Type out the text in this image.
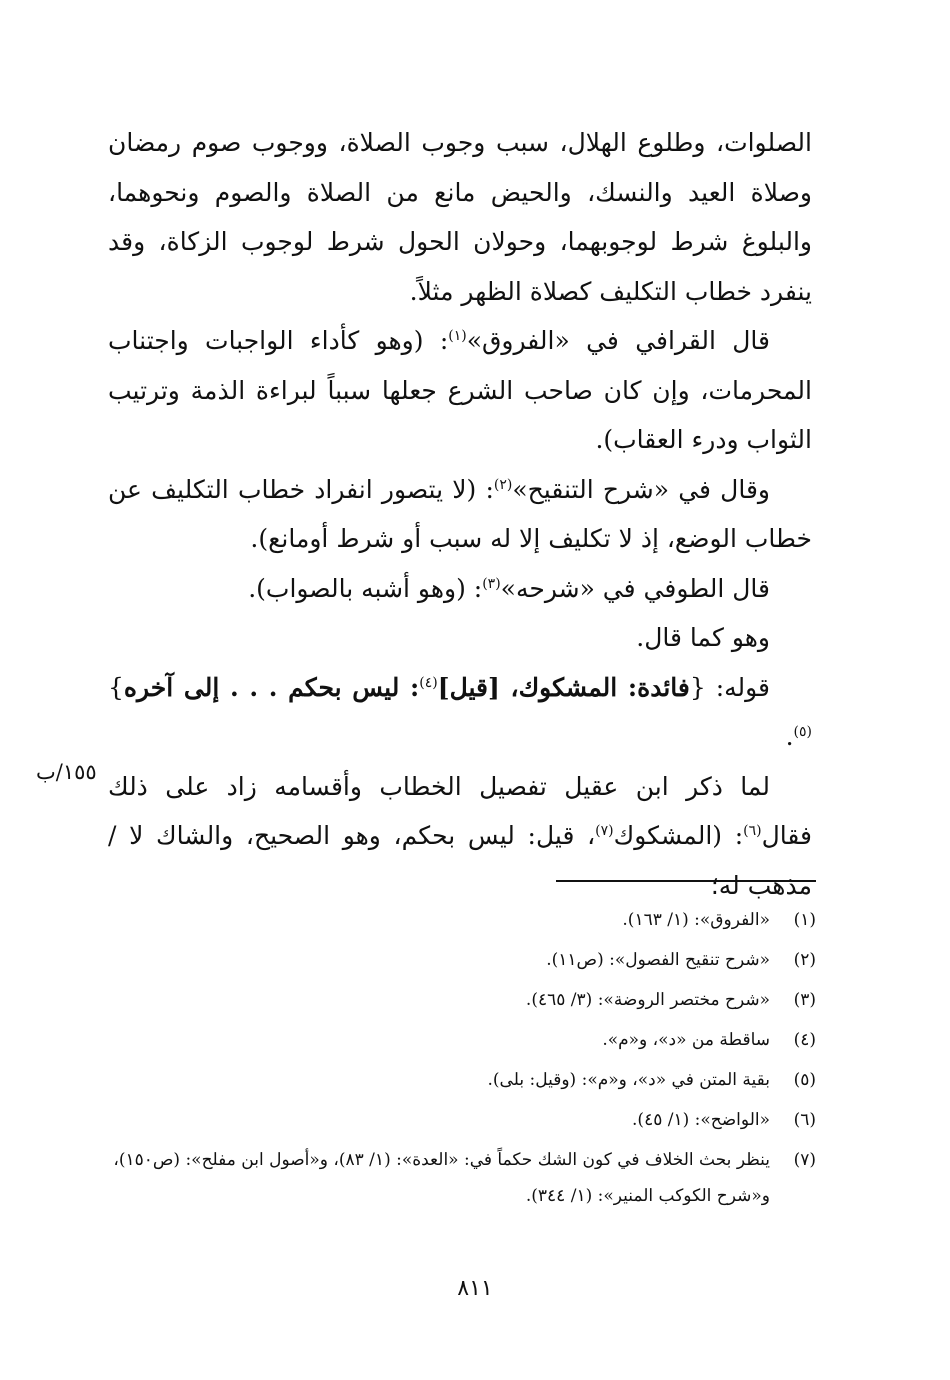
الصلوات، وطلوع الهلال، سبب وجوب الصلاة، ووجوب صوم رمضان وصلاة العيد والنسك، والحيض مانع من الصلاة والصوم ونحوهما، والبلوغ شرط لوجوبهما، وحولان الحول شرط لوجوب الزكاة، وقد ينفرد خطاب التكليف كصلاة الظهر مثلاً.

قال القرافي في «الفروق»$^{(١)}$: (وهو كأداء الواجبات واجتناب المحرمات، وإن كان صاحب الشرع جعلها سبباً لبراءة الذمة وترتيب الثواب ودرء العقاب).

وقال في «شرح التنقيح»$^{(٢)}$: (لا يتصور انفراد خطاب التكليف عن خطاب الوضع، إذ لا تكليف إلا له سبب أو شرط أومانع).

قال الطوفي في «شرحه»$^{(٣)}$: (وهو أشبه بالصواب).

وهو كما قال.

قوله: {فائدة: المشكوك، [قيل]$^{(٤)}$: ليس بحكم . . . إلى آخره}$^{(٥)}$.

لما ذكر ابن عقيل تفصيل الخطاب وأقسامه زاد على ذلك فقال$^{(٦)}$: (المشكوك$^{(٧)}$، قيل: ليس بحكم، وهو الصحيح، والشاك لا / مذهب له؛

١٥٥/ب
(١)
«الفروق»: (١/ ١٦٣).
(٢)
«شرح تنقيح الفصول»: (ص١١).
(٣)
«شرح مختصر الروضة»: (٣/ ٤٦٥).
(٤)
ساقطة من «د»، و«م».
(٥)
بقية المتن في «د»، و«م»: (وقيل: بلى).
(٦)
«الواضح»: (١/ ٤٥).
(٧)
ينظر بحث الخلاف في كون الشك حكماً في: «العدة»: (١/ ٨٣)، و«أصول ابن مفلح»: (ص١٥٠)، و«شرح الكوكب المنير»: (١/ ٣٤٤).
٨١١
